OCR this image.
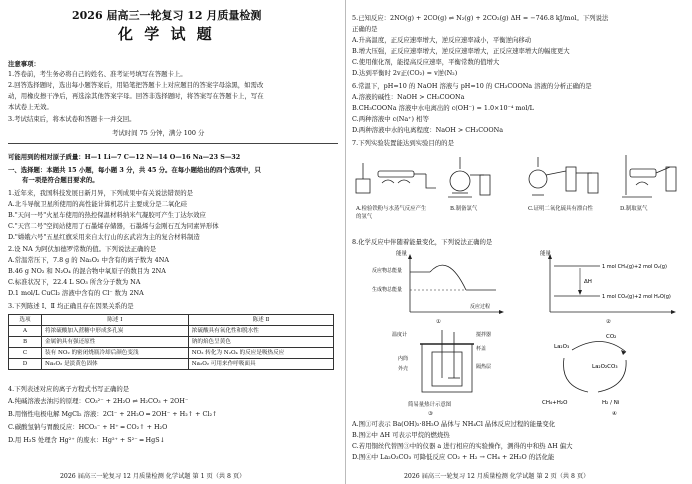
2026 届高三一轮复习 12 月质量检测
化 学 试 题
注意事项：
1.答卷前，考生务必将自己的姓名、准考证号填写在答题卡上。
2.回答选择题时，选出每小题答案后，用铅笔把答题卡上对应题目的答案字母涂黑，如需改
动，用橡皮擦干净后，再选涂其他答案字母。回答非选择题时，将答案写在答题卡上，写在
本试卷上无效。
3.考试结束后，将本试卷和答题卡一并交回。
考试时间 75 分钟，满分 100 分
可能用到的相对原子质量：H—1 Li—7 C—12 N—14 O—16 Na—23 S—32
一、选择题：本题共 15 小题，每小题 3 分，共 45 分。在每小题给出的四个选项中，只
有一项是符合题目要求的。
1.近年来，我国科技发展日新月异，下列成果中有关说法错误的是
A.北斗导航卫星所使用的高性能计算机芯片主要成分是二氧化硅
B."天问一号"火星车使用的热控保温材料纳米气凝胶可产生丁达尔效应
C."天宫二号"空间站使用了石墨烯存储器，石墨烯与金刚石互为同素异形体
D."嫦娥六号"五星红旗采用来自太行山的玄武岩为主的复合材料制造
2.设 NA 为阿伏加德罗常数的值。下列说法正确的是
A.常温常压下，7.8 g 的 Na₂O₂ 中含有的离子数为 4NA
B.46 g NO₂ 和 N₂O₄ 的混合物中氧原子的数目为 2NA
C.标准状况下，22.4 L SO₃ 所含分子数为 NA
D.1 mol/L CuCl₂ 溶液中含有的 Cl⁻ 数为 2NA
3.下列陈述 Ⅰ、Ⅱ 均正确且存在因果关系的是
选项	陈述 Ⅰ	陈述 Ⅱ
A	将浓硫酸加入蔗糖中形成多孔炭	浓硫酸具有氧化性和脱水性
B	金属钠具有强还原性	钠的焰色呈黄色
C	装有 NO₂ 的密闭烧瓶冷却后颜色变浅	NO₂ 转化为 N₂O₄ 的反应是吸热反应
D	Na₂O₂ 是淡黄色固体	Na₂O₂ 可用来作呼吸面具
4.下列表述对应的离子方程式书写正确的是
A.纯碱溶液去油污的原理：CO₃²⁻ + 2H₂O ⇌ H₂CO₃ + 2OH⁻
B.用惰性电极电解 MgCl₂ 溶液：2Cl⁻ + 2H₂O ═ 2OH⁻ + H₂↑ + Cl₂↑
C.碳酸氢钠与胃酸反应：HCO₃⁻ + H⁺ ═ CO₂↑ + H₂O
D.用 H₂S 处理含 Hg²⁺ 的废水：Hg²⁺ + S²⁻ ═ HgS↓
2026 届高三一轮复习 12 月质量检测 化学试题 第 1 页（共 8 页）
5.已知反应：2NO(g) + 2CO(g) ⇌ N₂(g) + 2CO₂(g) ΔH = −746.8 kJ/mol。下列说法
正确的是
A.升高温度，正反应速率增大，逆反应速率减小，平衡逆向移动
B.增大压强，正反应速率增大，逆反应速率增大，正反应速率增大的幅度更大
C.使用催化剂，能提高反应速率，平衡常数的值增大
D.达到平衡时 2v正(CO₂) = v逆(N₂)
6.常温下，pH=10 的 NaOH 溶液与 pH=10 的 CH₃COONa 溶液的分析正确的是
A.溶液的碱性：NaOH > CH₃COONa
B.CH₃COONa 溶液中水电离出的 c(OH⁻) = 1.0×10⁻⁴ mol/L
C.两种溶液中 c(Na⁺) 相等
D.两种溶液中水的电离程度：NaOH > CH₃COONa
7.下列实验装置能达到实验目的的是
A.检验铁粉与水蒸气反应产生的氢气
B.制备氯气	C.证明二氧化硫具有漂白性	D.制取氨气
8.化学反应中伴随着能量变化，下列说法正确的是
能量
反应物总能量
生成物总能量
反应过程
①
能量
1 mol CH₄(g)+2 mol O₂(g)
1 mol CO₂(g)+2 mol H₂O(g)
ΔH
②
温度计	搅拌器
杯盖
内筒
外壳	隔热层
简易量热计示意图
③
La₂O₃
CO₂
La₂O₂CO₃
CH₄+H₂O	H₂ / Ni
④
A.图①可表示 Ba(OH)₂·8H₂O 晶体与 NH₄Cl 晶体反应过程的能量变化
B.图②中 ΔH 可表示甲烷的燃烧热
C.若用铜丝代替图③中的仪器 a 进行相应的实验操作，测得的中和热 ΔH 偏大
D.图④中 La₂O₃CO₃ 可降低反应 CO₂ + H₂ → CH₄ + 2H₂O 的活化能
2026 届高三一轮复习 12 月质量检测 化学试题 第 2 页（共 8 页）
